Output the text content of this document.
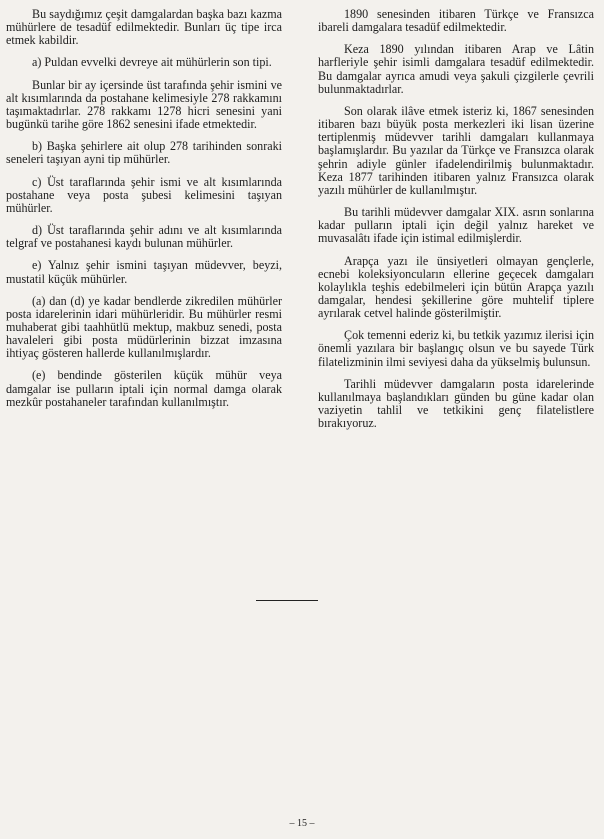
Bu saydığımız çeşit damgalardan başka bazı kazma mühürlere de tesadüf edilmektedir. Bunları üç tipe irca etmek kabildir.

a) Puldan evvelki devreye ait mühürlerin son tipi.

Bunlar bir ay içersinde üst tarafında şehir ismini ve alt kısımlarında da postahane kelimesiyle 278 rakkamını taşımaktadırlar. 278 rakkamı 1278 hicri senesini yani bugünkü tarihe göre 1862 senesini ifade etmektedir.

b) Başka şehirlere ait olup 278 tarihinden sonraki seneleri taşıyan ayni tip mühürler.

c) Üst taraflarında şehir ismi ve alt kısımlarında postahane veya posta şubesi kelimesini taşıyan mühürler.

d) Üst taraflarında şehir adını ve alt kısımlarında telgraf ve postahanesi kaydı bulunan mühürler.

e) Yalnız şehir ismini taşıyan müdevver, beyzi, mustatil küçük mühürler.

(a) dan (d) ye kadar bendlerde zikredilen mühürler posta idarelerinin idari mühürleridir. Bu mühürler resmi muhaberat gibi taahhütlü mektup, makbuz senedi, posta havaleleri gibi posta müdürlerinin bizzat imzasına ihtiyaç gösteren hallerde kullanılmışlardır.

(e) bendinde gösterilen küçük mühür veya damgalar ise pulların iptali için normal damga olarak mezkûr postahaneler tarafından kullanılmıştır.

1890 senesinden itibaren Türkçe ve Fransızca ibareli damgalara tesadüf edilmektedir.

Keza 1890 yılından itibaren Arap ve Lâtin harfleriyle şehir isimli damgalara tesadüf edilmektedir. Bu damgalar ayrıca amudi veya şakuli çizgilerle çevrili bulunmaktadırlar.

Son olarak ilâve etmek isteriz ki, 1867 senesinden itibaren bazı büyük posta merkezleri iki lisan üzerine tertiplenmiş müdevver tarihli damgaları kullanmaya başlamışlardır. Bu yazılar da Türkçe ve Fransızca olarak şehrin adiyle günler ifadelendirilmiş bulunmaktadır. Keza 1877 tarihinden itibaren yalnız Fransızca olarak yazılı mühürler de kullanılmıştır.

Bu tarihli müdevver damgalar XIX. asrın sonlarına kadar pulların iptali için değil yalnız hareket ve muvasalâtı ifade için istimal edilmişlerdir.

Arapça yazı ile ünsiyetleri olmayan gençlerle, ecnebi koleksiyoncuların ellerine geçecek damgaları kolaylıkla teşhis edebilmeleri için bütün Arapça yazılı damgalar, hendesi şekillerine göre muhtelif tiplere ayrılarak cetvel halinde gösterilmiştir.

Çok temenni ederiz ki, bu tetkik yazımız ilerisi için önemli yazılara bir başlangıç olsun ve bu sayede Türk filatelizminin ilmi seviyesi daha da yükselmiş bulunsun.

Tarihli müdevver damgaların posta idarelerinde kullanılmaya başlandıkları günden bu güne kadar olan vaziyetin tahlil ve tetkikini genç filatelistlere bırakıyoruz.

– 15 –
